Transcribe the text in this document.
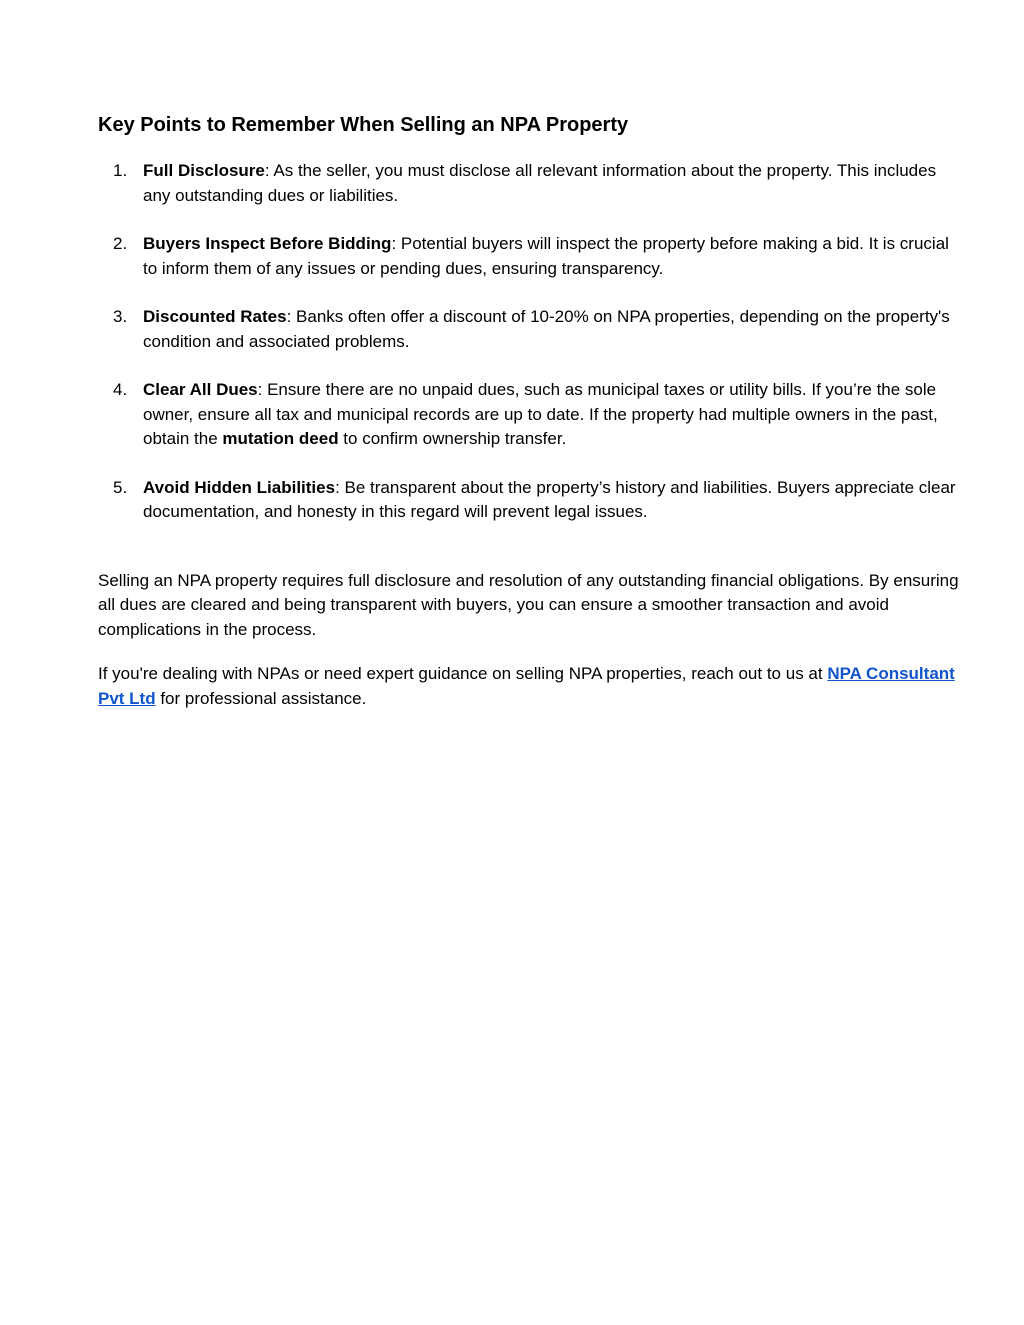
Key Points to Remember When Selling an NPA Property
1. Full Disclosure: As the seller, you must disclose all relevant information about the property. This includes any outstanding dues or liabilities.
2. Buyers Inspect Before Bidding: Potential buyers will inspect the property before making a bid. It is crucial to inform them of any issues or pending dues, ensuring transparency.
3. Discounted Rates: Banks often offer a discount of 10-20% on NPA properties, depending on the property's condition and associated problems.
4. Clear All Dues: Ensure there are no unpaid dues, such as municipal taxes or utility bills. If you’re the sole owner, ensure all tax and municipal records are up to date. If the property had multiple owners in the past, obtain the mutation deed to confirm ownership transfer.
5. Avoid Hidden Liabilities: Be transparent about the property’s history and liabilities. Buyers appreciate clear documentation, and honesty in this regard will prevent legal issues.

Selling an NPA property requires full disclosure and resolution of any outstanding financial obligations. By ensuring all dues are cleared and being transparent with buyers, you can ensure a smoother transaction and avoid complications in the process.

If you're dealing with NPAs or need expert guidance on selling NPA properties, reach out to us at NPA Consultant Pvt Ltd for professional assistance.
